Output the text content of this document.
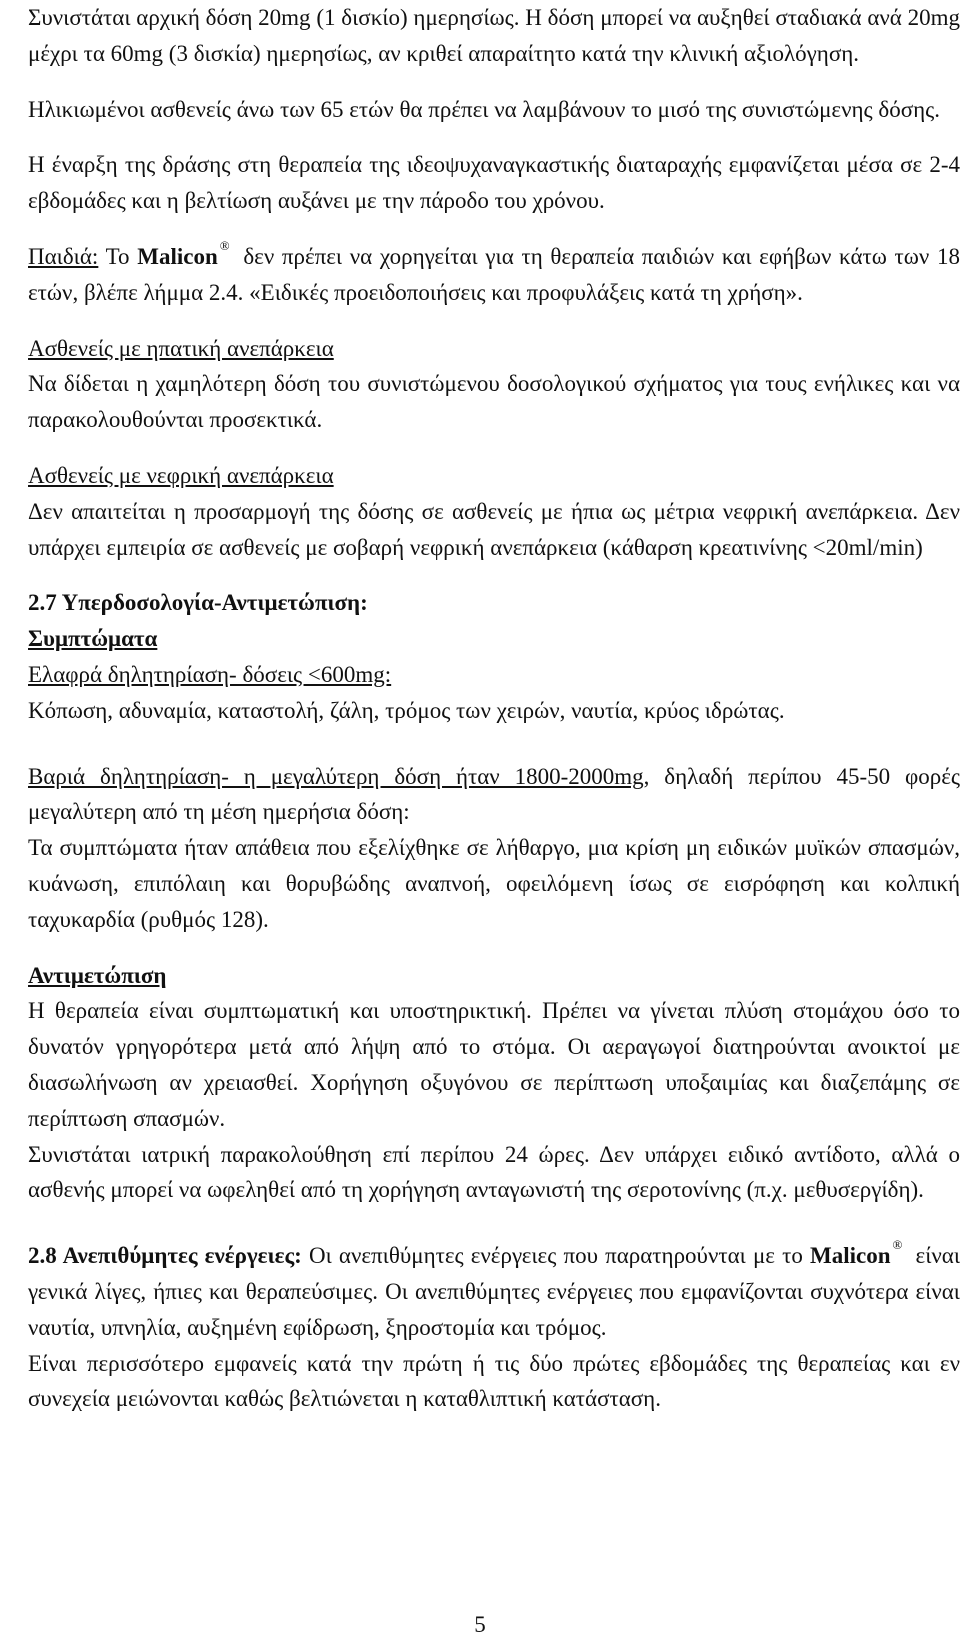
Συνιστάται αρχική δόση 20mg (1 δισκίο) ημερησίως. Η δόση μπορεί να αυξηθεί σταδιακά ανά 20mg μέχρι τα 60mg (3 δισκία) ημερησίως, αν κριθεί απαραίτητο κατά την κλινική αξιολόγηση.

Ηλικιωμένοι ασθενείς άνω των 65 ετών θα πρέπει να λαμβάνουν το μισό της συνιστώμενης δόσης.

Η έναρξη της δράσης στη θεραπεία της ιδεοψυχαναγκαστικής διαταραχής εμφανίζεται μέσα σε 2-4 εβδομάδες και η βελτίωση αυξάνει με την πάροδο του χρόνου.

Παιδιά: Το Malicon ® δεν πρέπει να χορηγείται για τη θεραπεία παιδιών και εφήβων κάτω των 18 ετών, βλέπε λήμμα 2.4. «Ειδικές προειδοποιήσεις και προφυλάξεις κατά τη χρήση».

Ασθενείς με ηπατική ανεπάρκεια

Να δίδεται η χαμηλότερη δόση του συνιστώμενου δοσολογικού σχήματος για τους ενήλικες και να παρακολουθούνται προσεκτικά.

Ασθενείς με νεφρική ανεπάρκεια

Δεν απαιτείται η προσαρμογή της δόσης σε ασθενείς με ήπια ως μέτρια νεφρική ανεπάρκεια. Δεν υπάρχει εμπειρία σε ασθενείς με σοβαρή νεφρική ανεπάρκεια (κάθαρση κρεατινίνης <20ml/min)

2.7 Υπερδοσολογία-Αντιμετώπιση:

Συμπτώματα

Ελαφρά δηλητηρίαση- δόσεις <600mg:

Κόπωση, αδυναμία, καταστολή, ζάλη, τρόμος των χειρών, ναυτία, κρύος ιδρώτας.

Βαριά δηλητηρίαση- η μεγαλύτερη δόση ήταν 1800-2000mg, δηλαδή περίπου 45-50 φορές μεγαλύτερη από τη μέση ημερήσια δόση:

Τα συμπτώματα ήταν απάθεια που εξελίχθηκε σε λήθαργο, μια κρίση μη ειδικών μυϊκών σπασμών, κυάνωση, επιπόλαιη και θορυβώδης αναπνοή, οφειλόμενη ίσως σε εισρόφηση και κολπική ταχυκαρδία (ρυθμός 128).

Αντιμετώπιση

Η θεραπεία είναι συμπτωματική και υποστηρικτική. Πρέπει να γίνεται πλύση στομάχου όσο το δυνατόν γρηγορότερα μετά από λήψη από το στόμα. Οι αεραγωγοί διατηρούνται ανοικτοί με διασωλήνωση αν χρειασθεί. Χορήγηση οξυγόνου σε περίπτωση υποξαιμίας και διαζεπάμης σε περίπτωση σπασμών.

Συνιστάται ιατρική παρακολούθηση επί περίπου 24 ώρες. Δεν υπάρχει ειδικό αντίδοτο, αλλά ο ασθενής μπορεί να ωφεληθεί από τη χορήγηση ανταγωνιστή της σεροτονίνης (π.χ. μεθυσεργίδη).

2.8 Ανεπιθύμητες ενέργειες: Οι ανεπιθύμητες ενέργειες που παρατηρούνται με το Malicon ® είναι γενικά λίγες, ήπιες και θεραπεύσιμες. Οι ανεπιθύμητες ενέργειες που εμφανίζονται συχνότερα είναι ναυτία, υπνηλία, αυξημένη εφίδρωση, ξηροστομία και τρόμος.

Είναι περισσότερο εμφανείς κατά την πρώτη ή τις δύο πρώτες εβδομάδες της θεραπείας και εν συνεχεία μειώνονται καθώς βελτιώνεται η καταθλιπτική κατάσταση.

5
